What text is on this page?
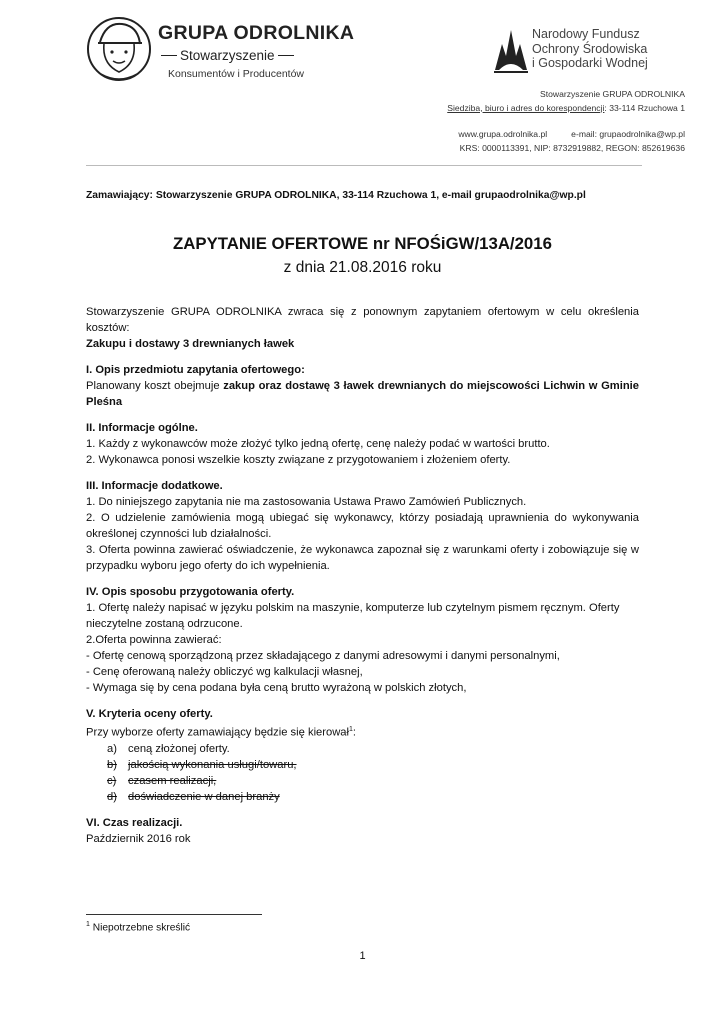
GRUPA ODROLNIKA
Stowarzyszenie
Konsumentów i Producentów
Narodowy Fundusz
Ochrony Środowiska
i Gospodarki Wodnej
Stowarzyszenie GRUPA ODROLNIKA
Siedziba, biuro i adres do korespondencji: 33-114 Rzuchowa 1
www.grupa.odrolnika.pl	e-mail: grupaodrolnika@wp.pl
KRS: 0000113391, NIP: 8732919882, REGON: 852619636
Zamawiający: Stowarzyszenie GRUPA ODROLNIKA, 33-114 Rzuchowa 1, e-mail grupaodrolnika@wp.pl
ZAPYTANIE OFERTOWE nr NFOŚiGW/13A/2016
z dnia 21.08.2016 roku

Stowarzyszenie GRUPA ODROLNIKA zwraca się z ponownym zapytaniem ofertowym w celu określenia kosztów:

Zakupu i dostawy 3 drewnianych ławek

I. Opis przedmiotu zapytania ofertowego:

Planowany koszt obejmuje zakup oraz dostawę 3 ławek drewnianych do miejscowości Lichwin w Gminie Pleśna

II. Informacje ogólne.

1. Każdy z wykonawców może złożyć tylko jedną ofertę, cenę należy podać w wartości brutto.

2. Wykonawca ponosi wszelkie koszty związane z przygotowaniem i złożeniem oferty.

III. Informacje dodatkowe.

1. Do niniejszego zapytania nie ma zastosowania Ustawa Prawo Zamówień Publicznych.

2. O udzielenie zamówienia mogą ubiegać się wykonawcy, którzy posiadają uprawnienia do wykonywania określonej czynności lub działalności.

3. Oferta powinna zawierać oświadczenie, że wykonawca zapoznał się z warunkami oferty i zobowiązuje się w przypadku wyboru jego oferty do ich wypełnienia.

IV. Opis sposobu przygotowania oferty.

1. Ofertę należy napisać w języku polskim na maszynie, komputerze lub czytelnym pismem ręcznym. Oferty nieczytelne zostaną odrzucone.

2.Oferta powinna zawierać:

- Ofertę cenową sporządzoną przez składającego z danymi adresowymi i danymi personalnymi,

- Cenę oferowaną należy obliczyć wg kalkulacji własnej,

- Wymaga się by cena podana była ceną brutto wyrażoną w polskich złotych,

V. Kryteria oceny oferty.

Przy wyborze oferty zamawiający będzie się kierował$^1$:

a) ceną złożonej oferty.
b) jakością wykonania usługi/towaru,
c)	czasem realizacji,
d) doświadczenie w danej branży

VI. Czas realizacji.

Październik 2016 rok

$^1$ Niepotrzebne skreślić
1
